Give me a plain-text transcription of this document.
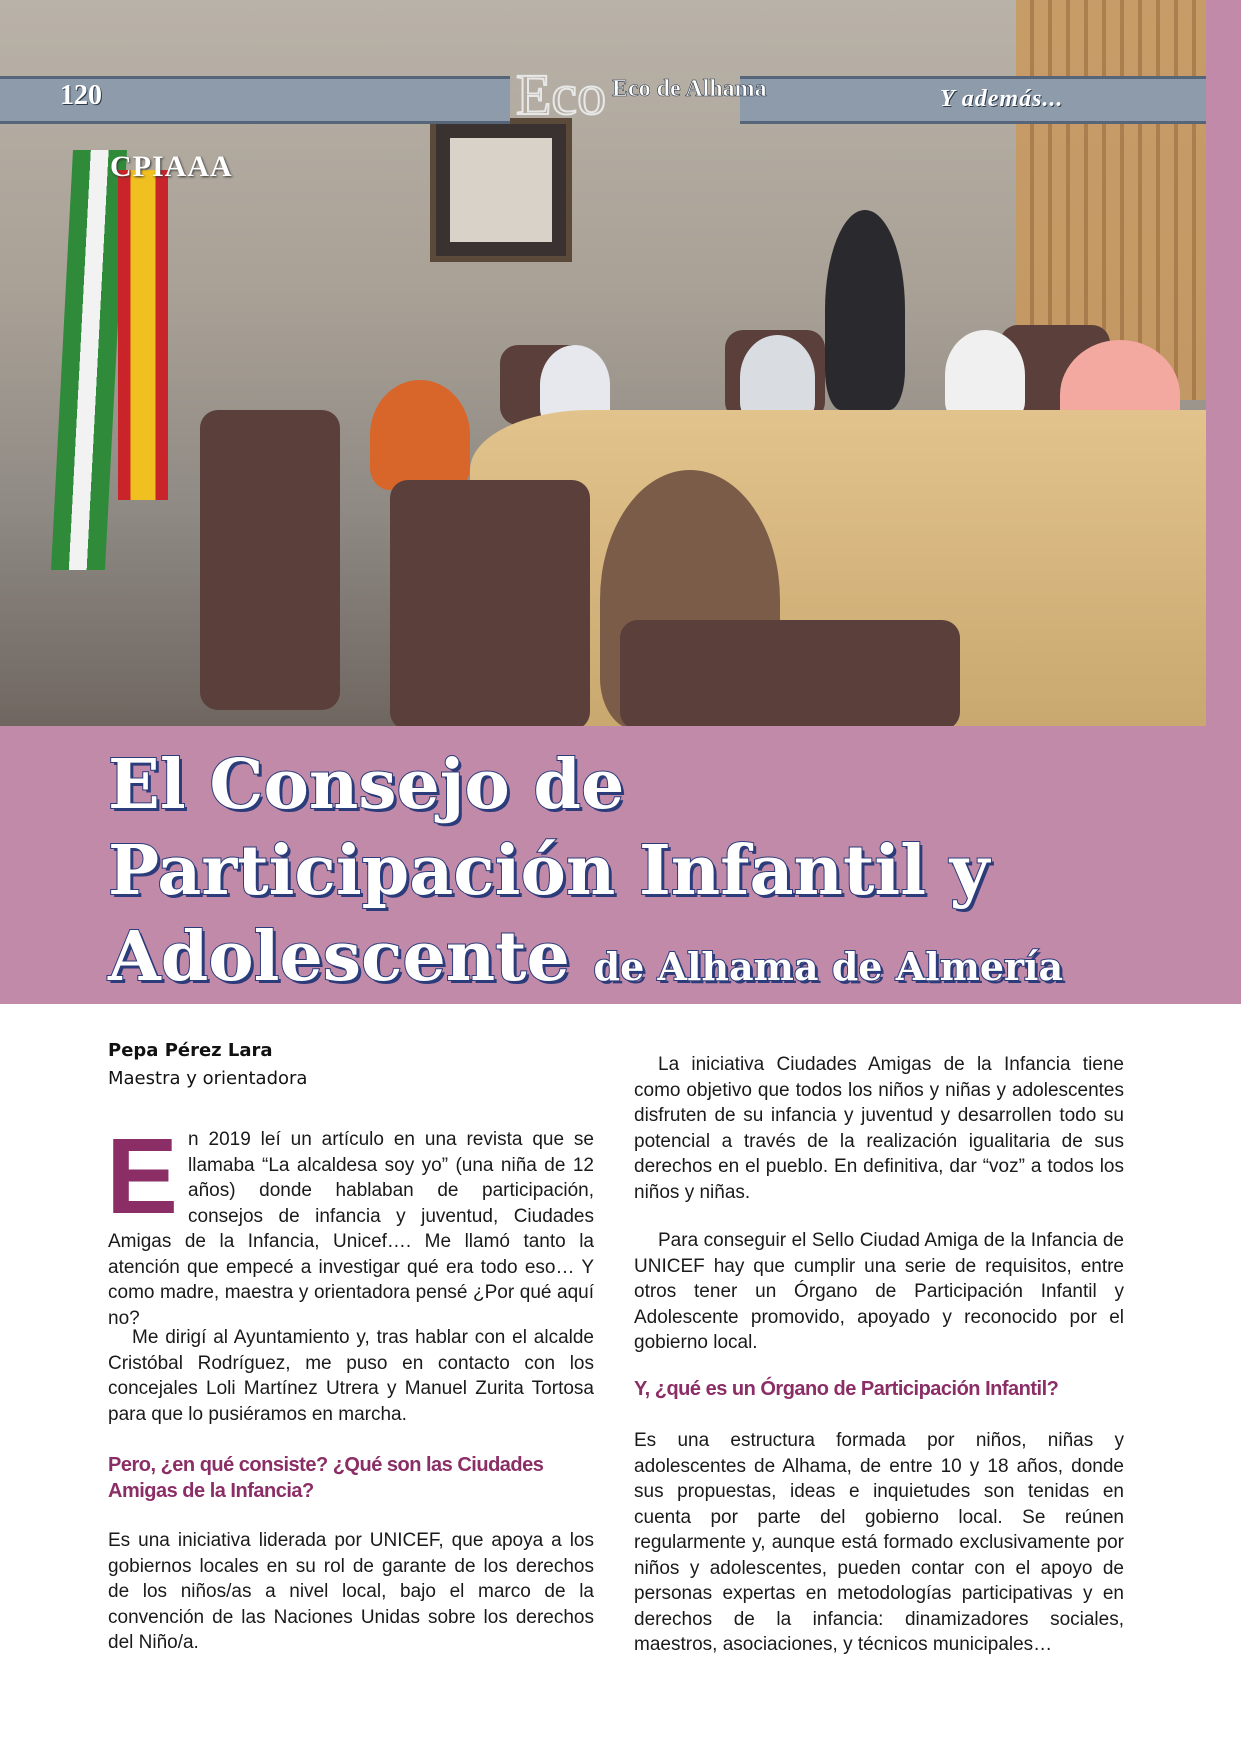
120	Y además...
Eco Eco de Alhama
CPIAAA
El Consejo de
Participación Infantil y
Adolescente de Alhama de Almería
Pepa Pérez Lara
Maestra y orientadora
E n 2019 leí un artículo en una revista que se llamaba “La alcaldesa soy yo” (una niña de 12 años) donde hablaban de participación, consejos de infancia y juventud, Ciudades Amigas de la Infancia, Unicef…. Me llamó tanto la atención que empecé a investigar qué era todo eso… Y como madre, maestra y orientadora pensé ¿Por qué aquí no?

Me dirigí al Ayuntamiento y, tras hablar con el alcalde Cristóbal Rodríguez, me puso en contacto con los concejales Loli Martínez Utrera y Manuel Zurita Tortosa para que lo pusiéramos en marcha.

Pero, ¿en qué consiste? ¿Qué son las Ciudades Amigas de la Infancia?

Es una iniciativa liderada por UNICEF, que apoya a los gobiernos locales en su rol de garante de los derechos de los niños/as a nivel local, bajo el marco de la convención de las Naciones Unidas sobre los derechos del Niño/a.

La iniciativa Ciudades Amigas de la Infancia tiene como objetivo que todos los niños y niñas y adolescentes disfruten de su infancia y juventud y desarrollen todo su potencial a través de la realización igualitaria de sus derechos en el pueblo. En definitiva, dar “voz” a todos los niños y niñas.

Para conseguir el Sello Ciudad Amiga de la Infancia de UNICEF hay que cumplir una serie de requisitos, entre otros tener un Órgano de Participación Infantil y Adolescente promovido, apoyado y reconocido por el gobierno local.

Y, ¿qué es un Órgano de Participación Infantil?

Es una estructura formada por niños, niñas y adolescentes de Alhama, de entre 10 y 18 años, donde sus propuestas, ideas e inquietudes son tenidas en cuenta por parte del gobierno local. Se reúnen regularmente y, aunque está formado exclusivamente por niños y adolescentes, pueden contar con el apoyo de personas expertas en metodologías participativas y en derechos de la infancia: dinamizadores sociales, maestros, asociaciones, y técnicos municipales…
